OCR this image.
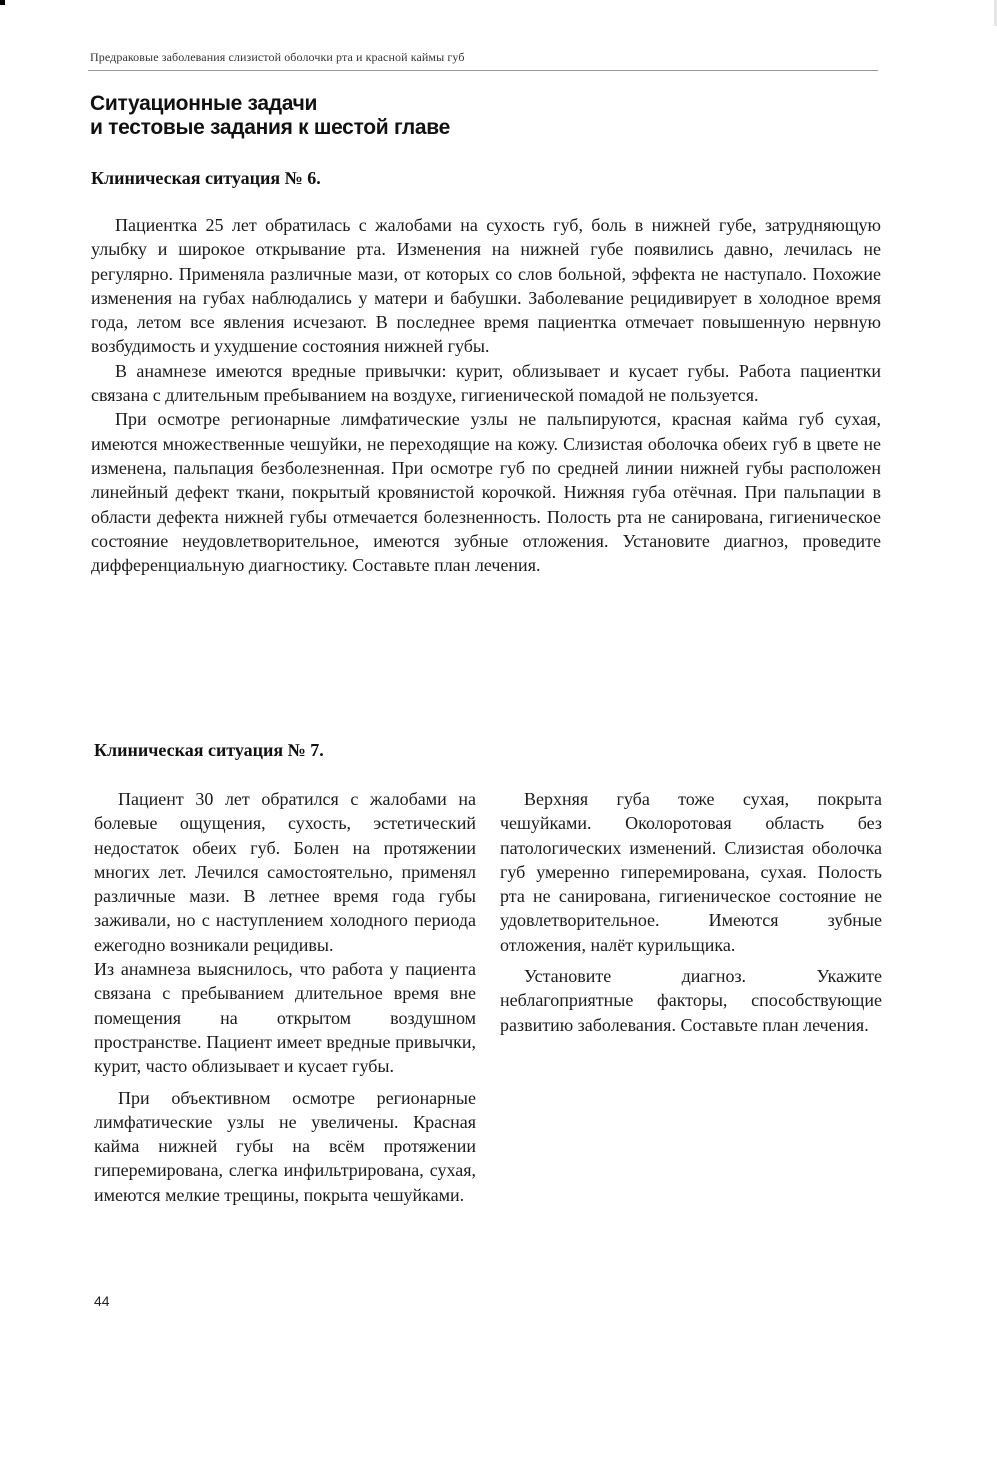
Предраковые заболевания слизистой оболочки рта и красной каймы губ
Ситуационные задачи
и тестовые задания к шестой главе
Клиническая ситуация № 6.

Пациентка 25 лет обратилась с жалобами на сухость губ, боль в нижней губе, затрудняющую улыбку и широкое открывание рта. Изменения на нижней губе появились давно, лечилась не регулярно. Применяла различные мази, от которых со слов больной, эффекта не наступало. Похожие изменения на губах наблюдались у матери и бабушки. Заболевание рецидивирует в холодное время года, летом все явления исчезают. В последнее время пациентка отмечает повышенную нервную возбудимость и ухудшение состояния нижней губы.

В анамнезе имеются вредные привычки: курит, облизывает и кусает губы. Работа пациентки связана с длительным пребыванием на воздухе, гигиенической помадой не пользуется.

При осмотре регионарные лимфатические узлы не пальпируются, красная кайма губ сухая, имеются множественные чешуйки, не переходящие на кожу. Слизистая оболочка обеих губ в цвете не изменена, пальпация безболезненная. При осмотре губ по средней линии нижней губы расположен линейный дефект ткани, покрытый кровянистой корочкой. Нижняя губа отёчная. При пальпации в области дефекта нижней губы отмечается болезненность. Полость рта не санирована, гигиеническое состояние неудовлетворительное, имеются зубные отложения. Установите диагноз, проведите дифференциальную диагностику. Составьте план лечения.

Клиническая ситуация № 7.

Пациент 30 лет обратился с жалобами на болевые ощущения, сухость, эстетический недостаток обеих губ. Болен на протяжении многих лет. Лечился самостоятельно, применял различные мази. В летнее время года губы заживали, но с наступлением холодного периода ежегодно возникали рецидивы.

Из анамнеза выяснилось, что работа у пациента связана с пребыванием длительное время вне помещения на открытом воздушном пространстве. Пациент имеет вредные привычки, курит, часто облизывает и кусает губы.

При объективном осмотре регионарные лимфатические узлы не увеличены. Красная кайма нижней губы на всём протяжении гиперемирована, слегка инфильтрирована, сухая, имеются мелкие трещины, покрыта чешуйками.

Верхняя губа тоже сухая, покрыта чешуйками. Околоротовая область без патологических изменений. Слизистая оболочка губ умеренно гиперемирована, сухая. Полость рта не санирована, гигиеническое состояние не удовлетворительное. Имеются зубные отложения, налёт курильщика.

Установите диагноз. Укажите неблагоприятные факторы, способствующие развитию заболевания. Составьте план лечения.

44
